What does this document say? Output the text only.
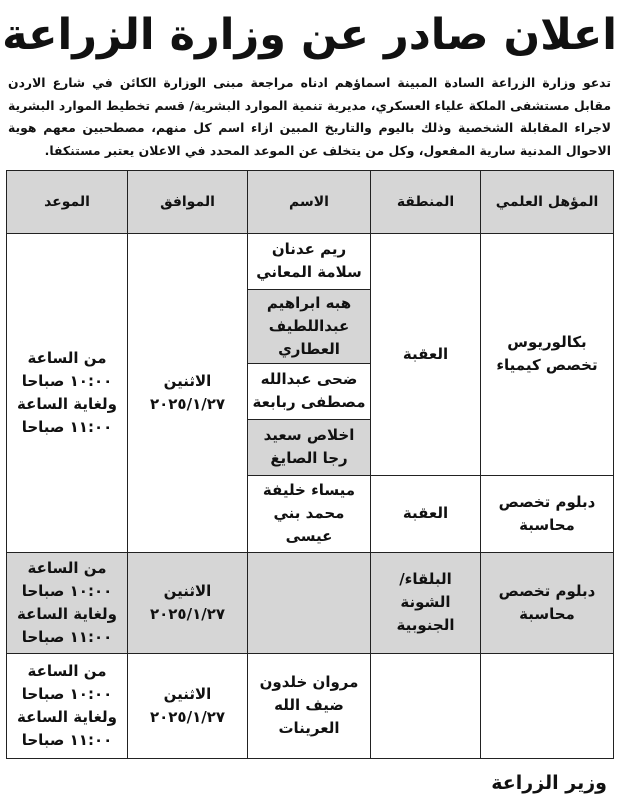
اعلان صادر عن وزارة الزراعة
تدعو وزارة الزراعة السادة المبينة اسماؤهم ادناه مراجعة مبنى الوزارة الكائن في شارع الاردن مقابل مستشفى الملكة علياء العسكري، مديرية تنمية الموارد البشرية/ قسم تخطيط الموارد البشرية لاجراء المقابلة الشخصية وذلك باليوم والتاريخ المبين ازاء اسم كل منهم، مصطحبين معهم هوية الاحوال المدنية سارية المفعول، وكل من يتخلف عن الموعد المحدد في الاعلان يعتبر مستنكفا.
المؤهل العلمي	المنطقة	الاسم	الموافق	الموعد
بكالوريوس تخصص كيمياء	العقبة	ريم عدنان سلامة المعاني
هبه ابراهيم عبداللطيف العطاري
ضحى عبدالله مصطفى ربابعة
اخلاص سعيد رجا الصايغ	الاثنين ٢٠٢٥/١/٢٧	من الساعة ١٠:٠٠ صباحا ولغاية الساعة ١١:٠٠ صباحا
دبلوم تخصص محاسبة	العقبة	ميساء خليفة محمد بني عيسى		
دبلوم تخصص محاسبة	البلقاء/ الشونة الجنوبية		الاثنين ٢٠٢٥/١/٢٧	من الساعة ١٠:٠٠ صباحا ولغاية الساعة ١١:٠٠ صباحا
		مروان خلدون ضيف الله العرينات	الاثنين ٢٠٢٥/١/٢٧	من الساعة ١٠:٠٠ صباحا ولغاية الساعة ١١:٠٠ صباحا
وزير الزراعة
